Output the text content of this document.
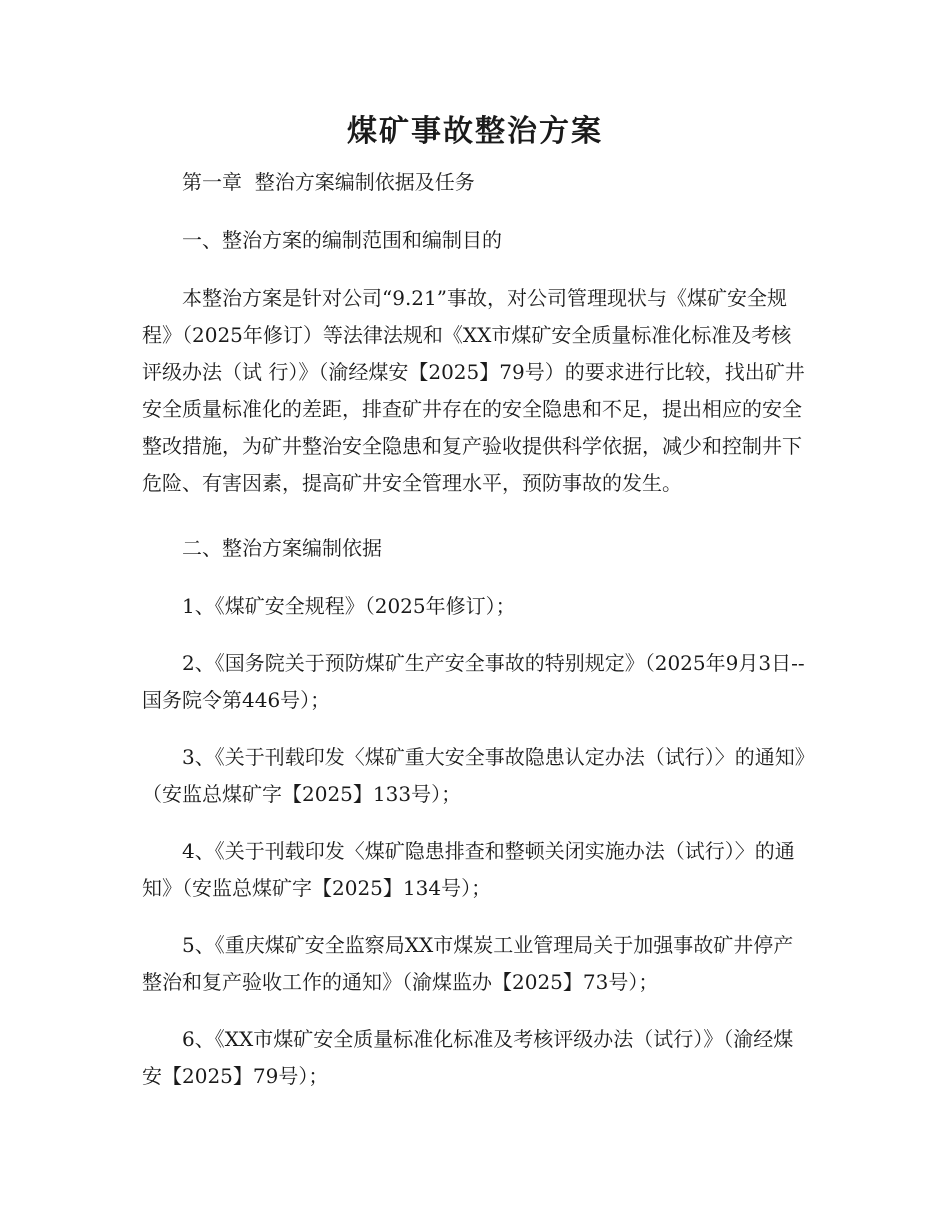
煤矿事故整治方案

第一章  整治方案编制依据及任务

一、整治方案的编制范围和编制目的

本整治方案是针对公司“9.21”事故，对公司管理现状与《煤矿安全规程》（2025年修订）等法律法规和《XX市煤矿安全质量标准化标准及考核评级办法（试 行）》（渝经煤安【2025】79号）的要求进行比较，找出矿井安全质量标准化的差距，排查矿井存在的安全隐患和不足，提出相应的安全整改措施，为矿井整治安全隐患和复产验收提供科学依据，减少和控制井下危险、有害因素，提高矿井安全管理水平，预防事故的发生。

二、整治方案编制依据

1、《煤矿安全规程》（2025年修订）；

2、《国务院关于预防煤矿生产安全事故的特别规定》（2025年9月3日--国务院令第446号）；

3、《关于刊载印发〈煤矿重大安全事故隐患认定办法（试行）〉的通知》（安监总煤矿字【2025】133号）；

4、《关于刊载印发〈煤矿隐患排查和整顿关闭实施办法（试行）〉的通知》（安监总煤矿字【2025】134号）；

5、《重庆煤矿安全监察局XX市煤炭工业管理局关于加强事故矿井停产整治和复产验收工作的通知》（渝煤监办【2025】73号）；

6、《XX市煤矿安全质量标准化标准及考核评级办法（试行）》（渝经煤安【2025】79号）；
